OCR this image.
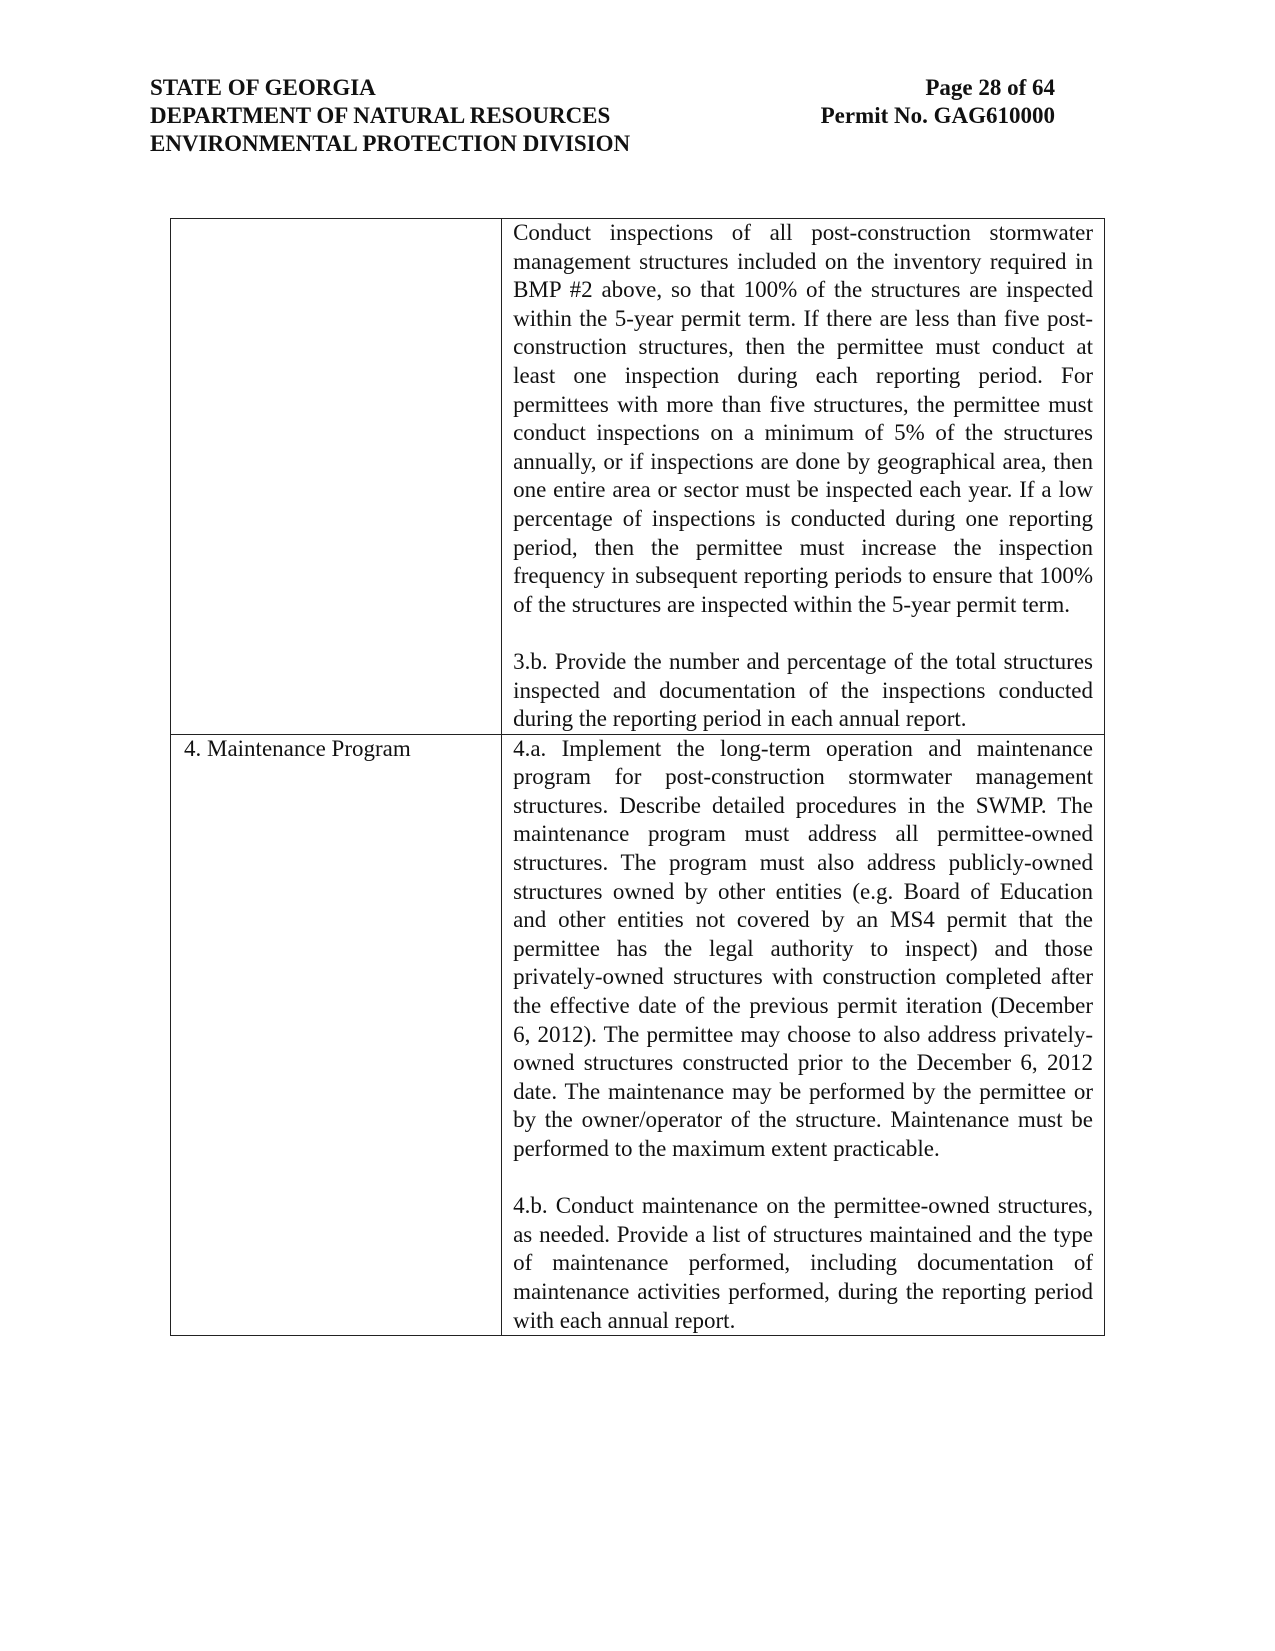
STATE OF GEORGIA
DEPARTMENT OF NATURAL RESOURCES
ENVIRONMENTAL PROTECTION DIVISION
Page 28 of 64
Permit No. GAG610000

	Conduct inspections of all post-construction stormwater management structures included on the inventory required in BMP #2 above, so that 100% of the structures are inspected within the 5-year permit term. If there are less than five post-construction structures, then the permittee must conduct at least one inspection during each reporting period. For permittees with more than five structures, the permittee must conduct inspections on a minimum of 5% of the structures annually, or if inspections are done by geographical area, then one entire area or sector must be inspected each year. If a low percentage of inspections is conducted during one reporting period, then the permittee must increase the inspection frequency in subsequent reporting periods to ensure that 100% of the structures are inspected within the 5-year permit term.

3.b. Provide the number and percentage of the total structures inspected and documentation of the inspections conducted during the reporting period in each annual report.

4. Maintenance Program	4.a. Implement the long-term operation and maintenance program for post-construction stormwater management structures. Describe detailed procedures in the SWMP. The maintenance program must address all permittee-owned structures. The program must also address publicly-owned structures owned by other entities (e.g. Board of Education and other entities not covered by an MS4 permit that the permittee has the legal authority to inspect) and those privately-owned structures with construction completed after the effective date of the previous permit iteration (December 6, 2012). The permittee may choose to also address privately-owned structures constructed prior to the December 6, 2012 date. The maintenance may be performed by the permittee or by the owner/operator of the structure. Maintenance must be performed to the maximum extent practicable.

4.b. Conduct maintenance on the permittee-owned structures, as needed. Provide a list of structures maintained and the type of maintenance performed, including documentation of maintenance activities performed, during the reporting period with each annual report.
